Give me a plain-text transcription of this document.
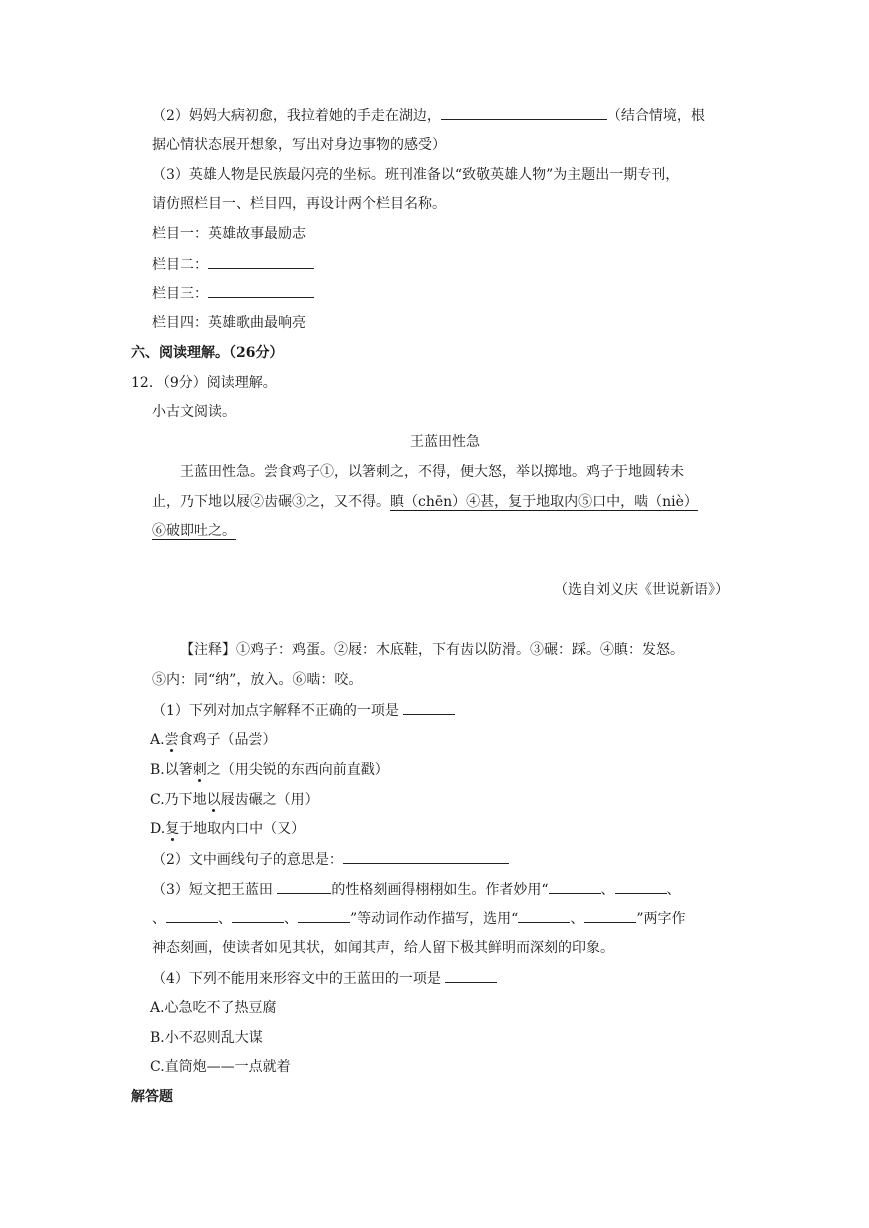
（2）妈妈大病初愈，我拉着她的手走在湖边，	（结合情境，根
据心情状态展开想象，写出对身边事物的感受）
（3）英雄人物是民族最闪亮的坐标。班刊准备以“致敬英雄人物”为主题出一期专刊，
请仿照栏目一、栏目四，再设计两个栏目名称。
栏目一：英雄故事最励志
栏目二：
栏目三：
栏目四：英雄歌曲最响亮
六、阅读理解。（26分）
12．（9分）阅读理解。
小古文阅读。
王蓝田性急
王蓝田性急。尝食鸡子①，以箸刺之，不得，便大怒，举以掷地。鸡子于地圆转未
止，乃下地以屐②齿碾③之，又不得。瞋（chēn）④甚，复于地取内⑤口中，啮（niè）
⑥破即吐之。
（选自刘义庆《世说新语》）
【注释】①鸡子：鸡蛋。②屐：木底鞋，下有齿以防滑。③碾：踩。④瞋：发怒。
⑤内：同“纳”，放入。⑥啮：咬。
（1）下列对加点字解释不正确的一项是
A.尝食鸡子（品尝）
B.以箸刺之（用尖锐的东西向前直戳）
C.乃下地以屐齿碾之（用）
D.复于地取内口中（又）
（2）文中画线句子的意思是：
（3）短文把王蓝田	的性格刻画得栩栩如生。作者妙用“	、	、
、	、	、	”等动词作动作描写，选用“	、	”两字作
神态刻画，使读者如见其状，如闻其声，给人留下极其鲜明而深刻的印象。
（4）下列不能用来形容文中的王蓝田的一项是
A.心急吃不了热豆腐
B.小不忍则乱大谋
C.直筒炮——一点就着
解答题
